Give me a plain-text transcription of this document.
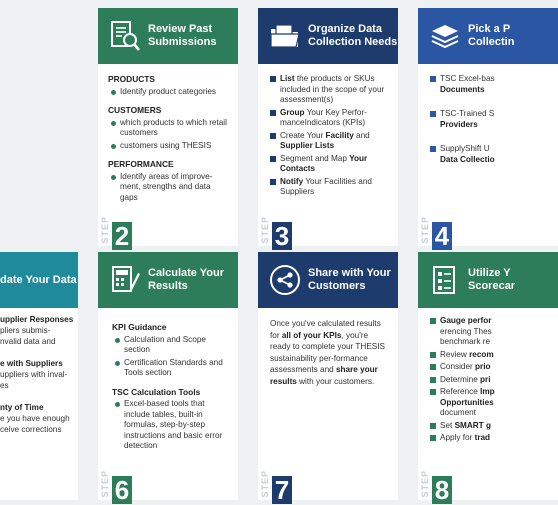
Review Past
Submissions
PRODUCTS
Identify product categories
CUSTOMERS
which products to which retail customers
customers using THESIS
PERFORMANCE
Identify areas of improve-ment, strengths and data gaps
STEP 2
Organize Data
Collection Needs
List the products or SKUs included in the scope of your assessment(s)
Group Your Key Perfor-manceIndicators (KPIs)
Create Your Facility and Supplier Lists
Segment and Map Your Contacts
Notify Your Facilities and Suppliers
STEP 3
Pick a P
Collectin
TSC Excel-bas Documents
TSC-Trained S Providers
SupplyShift U Data Collectio
STEP 4
date Your Data
upplier Responses
pliers submis-
nvalid data and

e with Suppliers
uppliers with inval-
es

nty of Time
e you have enough
ceive corrections
Calculate Your
Results
KPI Guidance
Calculation and Scope section
Certification Standards and Tools section
TSC Calculation Tools
Excel-based tools that include tables, built-in formulas, step-by-step instructions and basic error detection
STEP 6
Share with Your
Customers

Once you've calculated results for all of your KPIs, you're ready to complete your THESIS sustainability per-formance assessments and share your results with your customers.

STEP 7
Utilize Y
Scorecar
Gauge perfor erencing Thes benchmark re
Review recom
Consider prio
Determine pri
Reference Imp Opportunities document
Set SMART g
Apply for trad
STEP 8
